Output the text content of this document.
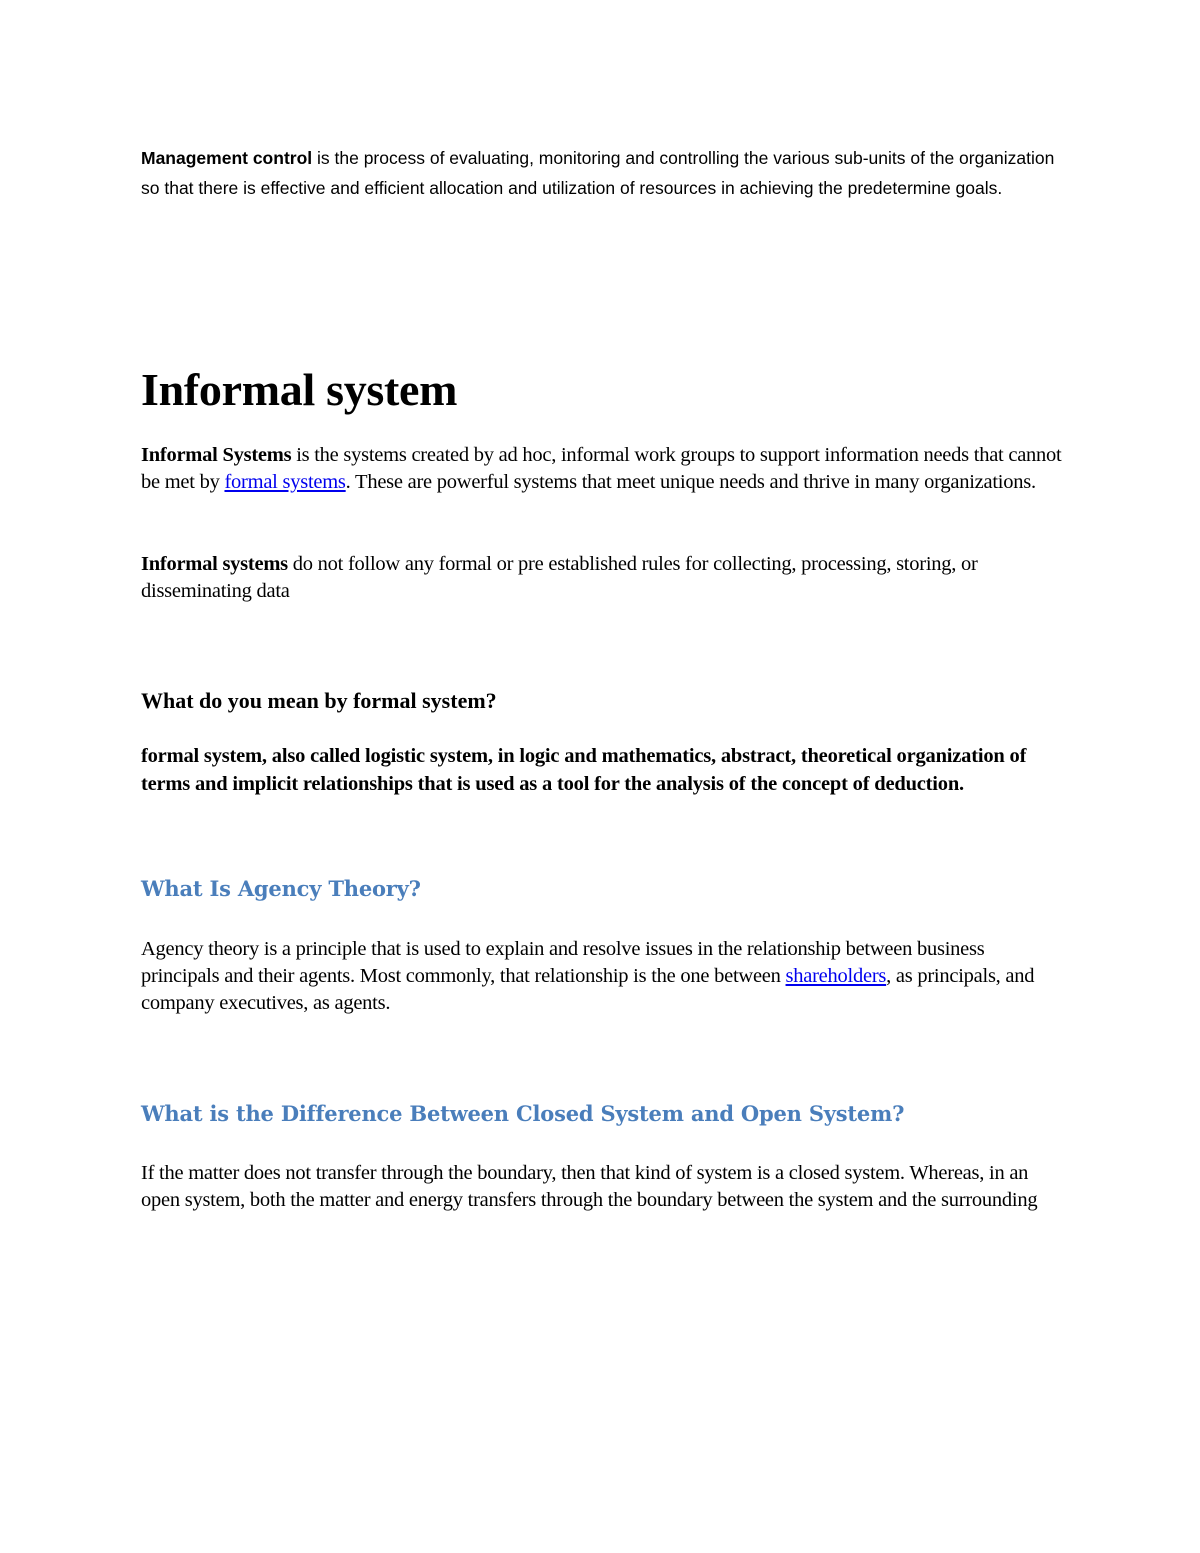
Management control is the process of evaluating, monitoring and controlling the various sub-units of the organization so that there is effective and efficient allocation and utilization of resources in achieving the predetermine goals.

Informal system

Informal Systems is the systems created by ad hoc, informal work groups to support information needs that cannot be met by formal systems. These are powerful systems that meet unique needs and thrive in many organizations.

Informal systems do not follow any formal or pre established rules for collecting, processing, storing, or disseminating data

What do you mean by formal system?

formal system, also called logistic system, in logic and mathematics, abstract, theoretical organization of terms and implicit relationships that is used as a tool for the analysis of the concept of deduction.

What Is Agency Theory?

Agency theory is a principle that is used to explain and resolve issues in the relationship between business principals and their agents. Most commonly, that relationship is the one between shareholders, as principals, and company executives, as agents.

What is the Difference Between Closed System and Open System?

If the matter does not transfer through the boundary, then that kind of system is a closed system. Whereas, in an open system, both the matter and energy transfers through the boundary between the system and the surrounding
